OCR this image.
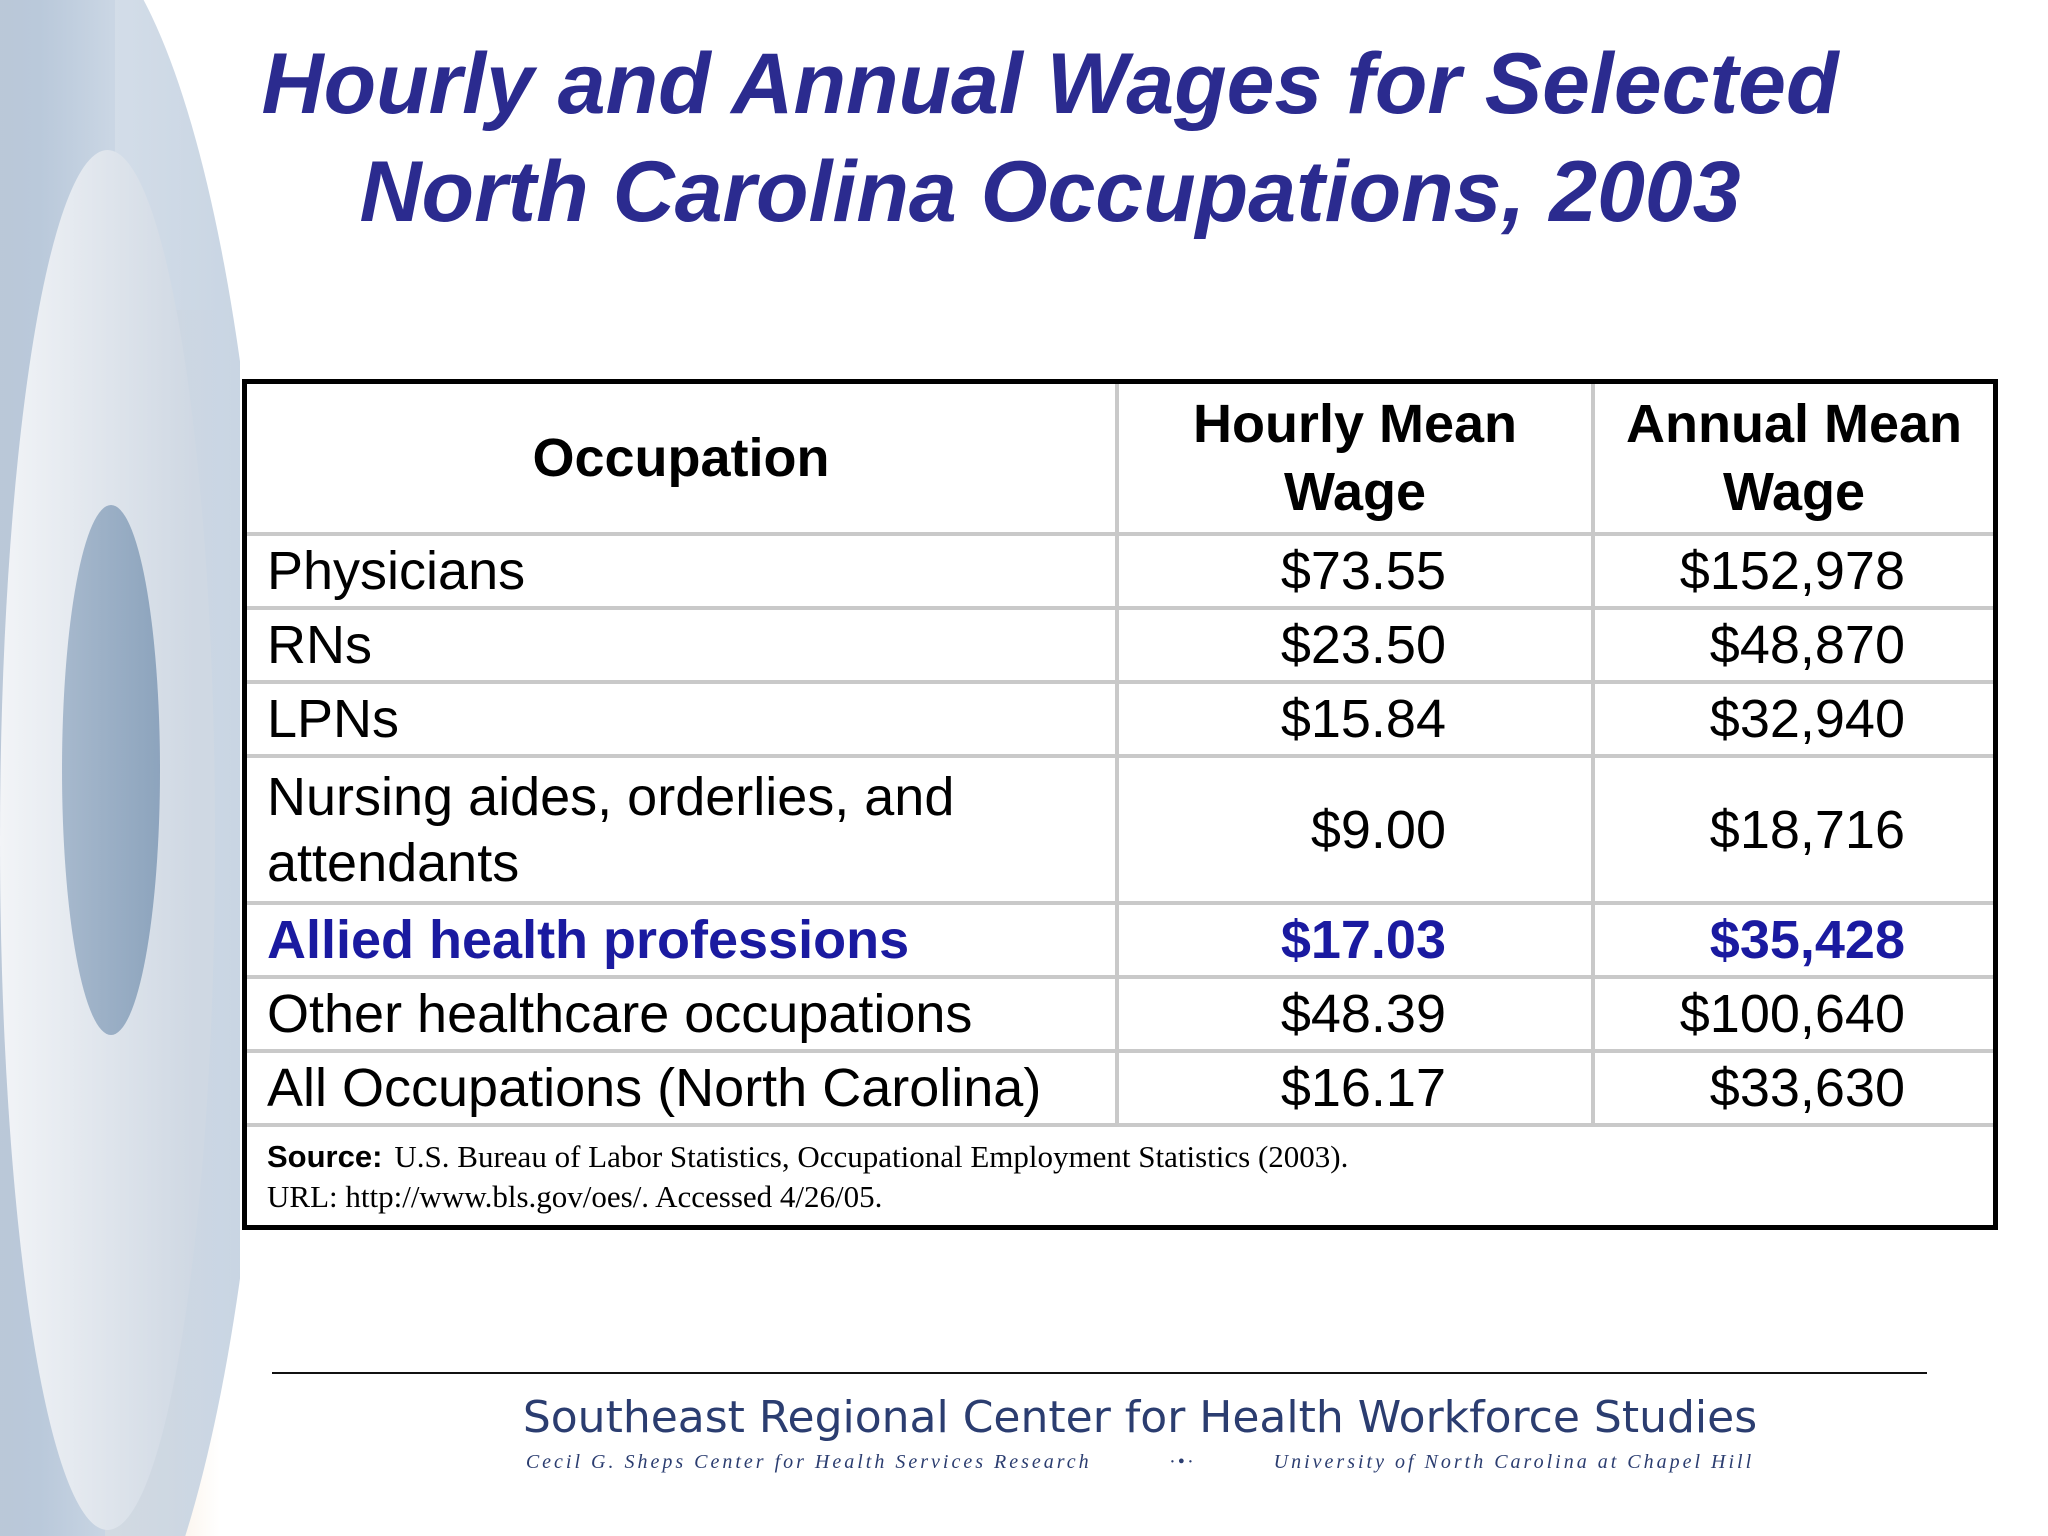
Hourly and Annual Wages for Selected
North Carolina Occupations, 2003
Occupation	Hourly Mean Wage	Annual Mean Wage
Physicians	$73.55	$152,978
RNs	$23.50	$48,870
LPNs	$15.84	$32,940
Nursing aides, orderlies, and attendants	$9.00	$18,716
Allied health professions	$17.03	$35,428
Other healthcare occupations	$48.39	$100,640
All Occupations (North Carolina)	$16.17	$33,630
Source: U.S. Bureau of Labor Statistics, Occupational Employment Statistics (2003).
URL: http://www.bls.gov/oes/. Accessed 4/26/05.		
Southeast Regional Center for Health Workforce Studies
Cecil G. Sheps Center for Health Services Research	·•·	University of North Carolina at Chapel Hill
